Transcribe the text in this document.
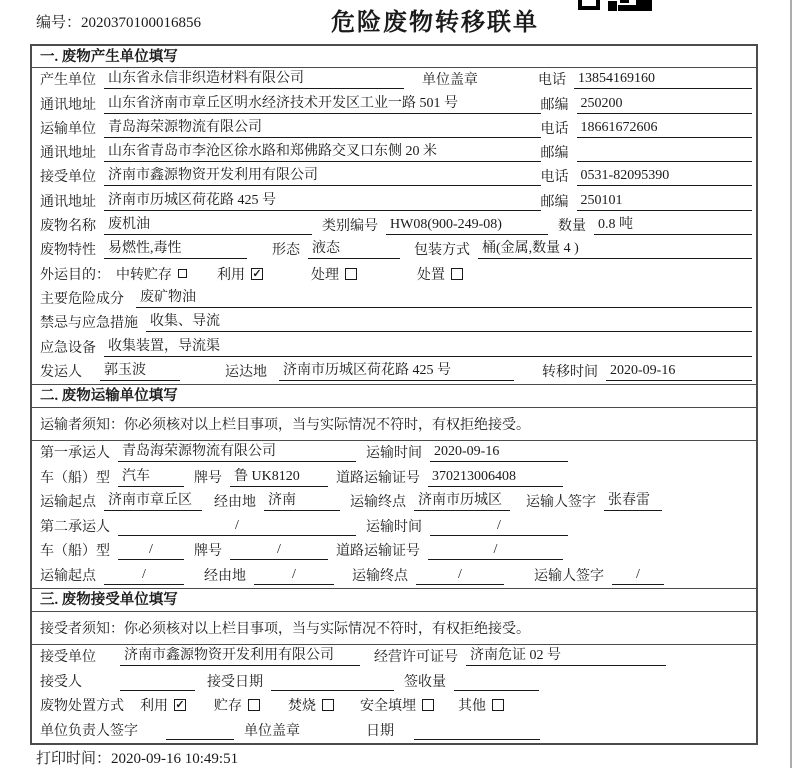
编号：2020370100016856	危险废物转移联单
一. 废物产生单位填写
产生单位 山东省永信非织造材料有限公司	单位盖章	电话 13854169160
通讯地址 山东省济南市章丘区明水经济技术开发区工业一路 501 号	邮编 250200
运输单位 青岛海荣源物流有限公司	电话 18661672606
通讯地址 山东省青岛市李沧区徐水路和郑佛路交叉口东侧 20 米	邮编
接受单位 济南市鑫源物资开发利用有限公司	电话 0531-82095390
通讯地址 济南市历城区荷花路 425 号	邮编 250101
废物名称 废机油	类别编号 HW08(900-249-08)	数量 0.8 吨
废物特性 易燃性,毒性	形态 液态	包装方式 桶(金属,数量 4 )
外运目的： 中转贮存	利用 ✓	处理	处置
主要危险成分 废矿物油
禁忌与应急措施 收集、导流
应急设备 收集装置，导流渠
发运人 郭玉波	运达地 济南市历城区荷花路 425 号	转移时间 2020-09-16
二. 废物运输单位填写
运输者须知：你必须核对以上栏目事项，当与实际情况不符时，有权拒绝接受。
第一承运人 青岛海荣源物流有限公司	运输时间 2020-09-16
车（船）型 汽车	牌号 鲁 UK8120	道路运输证号 370213006408
运输起点 济南市章丘区	经由地 济南	运输终点 济南市历城区	运输人签字 张春雷
第二承运人	/	运输时间	/
车（船）型	/	牌号	/	道路运输证号	/
运输起点	/	经由地	/	运输终点	/	运输人签字	/
三. 废物接受单位填写
接受者须知：你必须核对以上栏目事项，当与实际情况不符时，有权拒绝接受。
接受单位 济南市鑫源物资开发利用有限公司	经营许可证号 济南危证 02 号
接受人	接受日期	签收量
废物处置方式 利用 ✓ 贮存	焚烧	安全填埋	其他
单位负责人签字	单位盖章	日期
打印时间：2020-09-16 10:49:51
